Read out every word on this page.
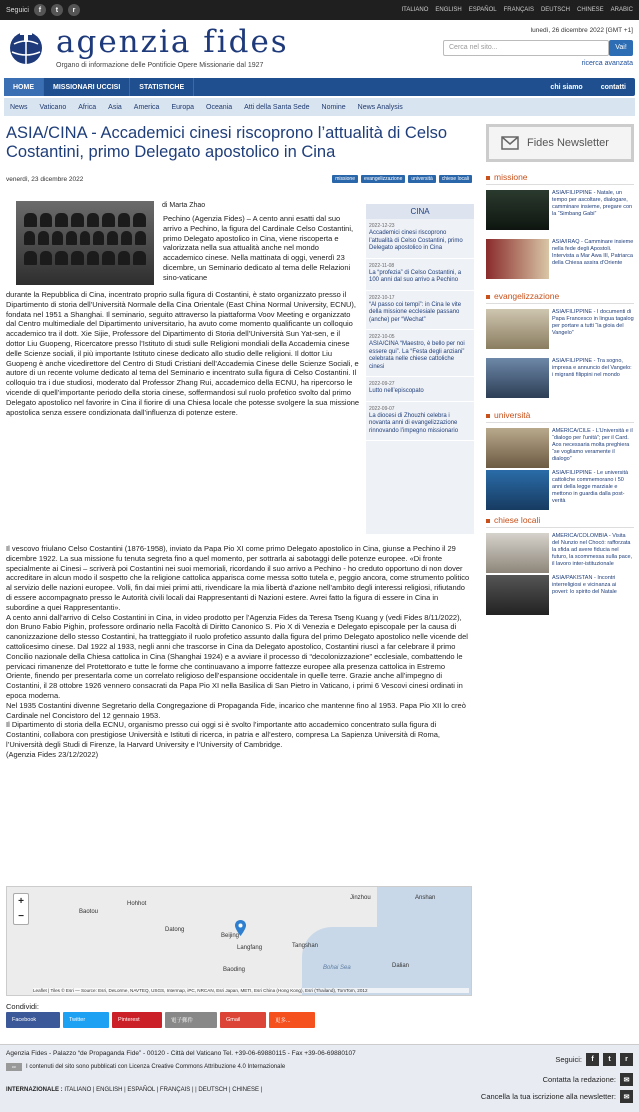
Seguici	f	t	r	ITALIANO ENGLISH ESPAÑOL FRANÇAIS DEUTSCH CHINESE ARABIC
agenzia fides
Organo di informazione delle Pontificie Opere Missionarie dal 1927
lunedì, 26 dicembre 2022 [GMT +1]
Cerca nel sito...	Vai!
ricerca avanzata
HOME	MISSIONARI UCCISI	STATISTICHE	chi siamo	contatti
News	Vaticano	Africa	Asia	America	Europa	Oceania	Atti della Santa Sede	Nomine	News Analysis
ASIA/CINA - Accademici cinesi riscoprono l’attualità di Celso Costantini, primo Delegato apostolico in Cina
venerdì, 23 dicembre 2022	missione	evangelizzazione	università	chiese locali
di Marta Zhao
Pechino (Agenzia Fides) – A cento anni esatti dal suo arrivo a Pechino, la figura del Cardinale Celso Costantini, primo Delegato apostolico in Cina, viene riscoperta e valorizzata nella sua attualità anche nel mondo accademico cinese. Nella mattinata di oggi, venerdì 23 dicembre, un Seminario dedicato al tema delle Relazioni sino-vaticane
CINA
2022-12-23
Accademici cinesi riscoprono l’attualità di Celso Costantini, primo Delegato apostolico in Cina
2022-11-08
La “profezia” di Celso Costantini, a 100 anni dal suo arrivo a Pechino
2022-10-17
“Al passo coi tempi”: in Cina le vite della missione ecclesiale passano (anche) per “Wechat”
2022-10-05
ASIA/CINA “Maestro, è bello per noi essere qui”. La “Festa degli anziani” celebrata nelle chiese cattoliche cinesi
2022-09-27
Lutto nell’episcopato
2022-09-07
La diocesi di Zhouzhi celebra i novanta anni di evangelizzazione rinnovando l’impegno missionario
durante la Repubblica di Cina, incentrato proprio sulla figura di Costantini, è stato organizzato presso il Dipartimento di storia dell’Università Normale della Cina Orientale (East China Normal University, ECNU), fondata nel 1951 a Shanghai. Il seminario, seguito attraverso la piattaforma Voov Meeting e organizzato dal Centro multimediale del Dipartimento universitario, ha avuto come momento qualificante un colloquio accademico tra il dott. Xie Sijie, Professore del Dipartimento di Storia dell’Università Sun Yat-sen, e il dottor Liu Guopeng, Ricercatore presso l’Istituto di studi sulle Religioni mondiali della Accademia cinese delle Scienze sociali, il più importante Istituto cinese dedicato allo studio delle religioni. Il dottor Liu Guopeng è anche vicedirettore del Centro di Studi Cristiani dell’Accademia Cinese delle Scienze Sociali, e autore di un recente volume dedicato al tema del Seminario e incentrato sulla figura di Celso Costantini. Il colloquio tra i due studiosi, moderato dal Professor Zhang Rui, accademico della ECNU, ha ripercorso le vicende di quell’importante periodo della storia cinese, soffermandosi sul ruolo profetico svolto dal primo Delegato apostolico nel favorire in Cina il fiorire di una Chiesa locale che potesse svolgere la sua missione apostolica senza essere condizionata dall’influenza di potenze estere.
Il vescovo friulano Celso Costantini (1876-1958), inviato da Papa Pio XI come primo Delegato apostolico in Cina, giunse a Pechino il 29 dicembre 1922. La sua missione fu tenuta segreta fino a quel momento, per sottrarla ai sabotaggi delle potenze europee. «Di fronte specialmente ai Cinesi – scriverà poi Costantini nei suoi memoriali, ricordando il suo arrivo a Pechino - ho creduto opportuno di non dover accreditare in alcun modo il sospetto che la religione cattolica apparisca come messa sotto tutela e, peggio ancora, come strumento politico al servizio delle nazioni europee. Volli, fin dai miei primi atti, rivendicare la mia libertà d’azione nell’ambito degli interessi religiosi, rifiutando di essere accompagnato presso le Autorità civili locali dai Rappresentanti di Nazioni estere. Avrei fatto la figura di essere in Cina in subordine a quei Rappresentanti».
A cento anni dall’arrivo di Celso Costantini in Cina, in video prodotto per l’Agenzia Fides da Teresa Tseng Kuang y (vedi Fides 8/11/2022), don Bruno Fabio Pighin, professore ordinario nella Facoltà di Diritto Canonico S. Pio X di Venezia e Delegato episcopale per la causa di canonizzazione dello stesso Costantini, ha tratteggiato il ruolo profetico assunto dalla figura del primo Delegato apostolico nelle vicende del cattolicesimo cinese. Dal 1922 al 1933, negli anni che trascorse in Cina da Delegato apostolico, Costantini riuscì a far celebrare il primo Concilio nazionale della Chiesa cattolica in Cina (Shanghai 1924) e a avviare il processo di “decolonizzazione” ecclesiale, combattendo le pervicaci rimanenze del Protettorato e tutte le forme che continuavano a imporre fattezze europee alla presenza cattolica in Estremo Oriente, finendo per presentarla come un correlato religioso dell’espansione occidentale in quelle terre. Grazie anche all’impegno di Costantini, il 28 ottobre 1926 vennero consacrati da Papa Pio XI nella Basilica di San Pietro in Vaticano, i primi 6 Vescovi cinesi ordinati in epoca moderna.
Nel 1935 Costantini divenne Segretario della Congregazione di Propaganda Fide, incarico che mantenne fino al 1953. Papa Pio XII lo creò Cardinale nel Concistoro del 12 gennaio 1953.
Il Dipartimento di storia della ECNU, organismo presso cui oggi si è svolto l’importante atto accademico concentrato sulla figura di Costantini, collabora con prestigiose Università e Istituti di ricerca, in patria e all’estero, compresa La Sapienza Università di Roma, l’Università degli Studi di Firenze, la Harvard University e l’University of Cambridge.
(Agenzia Fides 23/12/2022)
+
−
Hohhot
Baotou
Datong
Beijing
Langfang	Tangshan
Baoding
Jinzhou
Dalian
Anshan
Bohai Sea
Leaflet | Tiles © Esri — Source: Esri, DeLorme, NAVTEQ, USGS, Intermap, iPC, NRCAN, Esri Japan, METI, Esri China (Hong Kong), Esri (Thailand), TomTom, 2012
Condividi:
Facebook	Twitter	Pinterest	電子郵件	Gmail	更多...
Fides Newsletter
missione
ASIA/FILIPPINE - Natale, un tempo per ascoltare, dialogare, camminare insieme, pregare con la “Simbang Gabi”
ASIA/IRAQ - Camminare insieme nella fede degli Apostoli. Intervista a Mar Awa III, Patriarca della Chiesa assira d’Oriente
evangelizzazione
ASIA/FILIPPINE - I documenti di Papa Francesco in lingua tagalog per portare a tutti “la gioia del Vangelo”
ASIA/FILIPPINE - Tra sogno, impresa e annuncio del Vangelo: i migranti filippini nel mondo
università
AMERICA/CILE - L’Università e il “dialogo per l’unità”; per il Card. Aos necessaria molta preghiera “se vogliamo veramente il dialogo”
ASIA/FILIPPINE - Le università cattoliche commemorano i 50 anni della legge marziale e mettono in guardia dalla post-verità
chiese locali
AMERICA/COLOMBIA - Visita del Nunzio nel Chocó: rafforzata la sfida ad avere fiducia nel futuro, la scommessa sulla pace, il lavoro inter-istituzionale
ASIA/PAKISTAN - Incontri interreligiosi e vicinanza ai poveri: lo spirito del Natale
Agenzia Fides - Palazzo “de Propaganda Fide” - 00120 - Città del Vaticano Tel. +39-06-69880115 - Fax +39-06-69880107
cc	I contenuti del sito sono pubblicati con Licenza Creative Commons Attribuzione 4.0 Internazionale
INTERNAZIONALE : ITALIANO | ENGLISH | ESPAÑOL | FRANÇAIS | | DEUTSCH | CHINESE |
Seguici:	f	t	r
Contatta la redazione:	✉
Cancella la tua iscrizione alla newsletter:	✉
